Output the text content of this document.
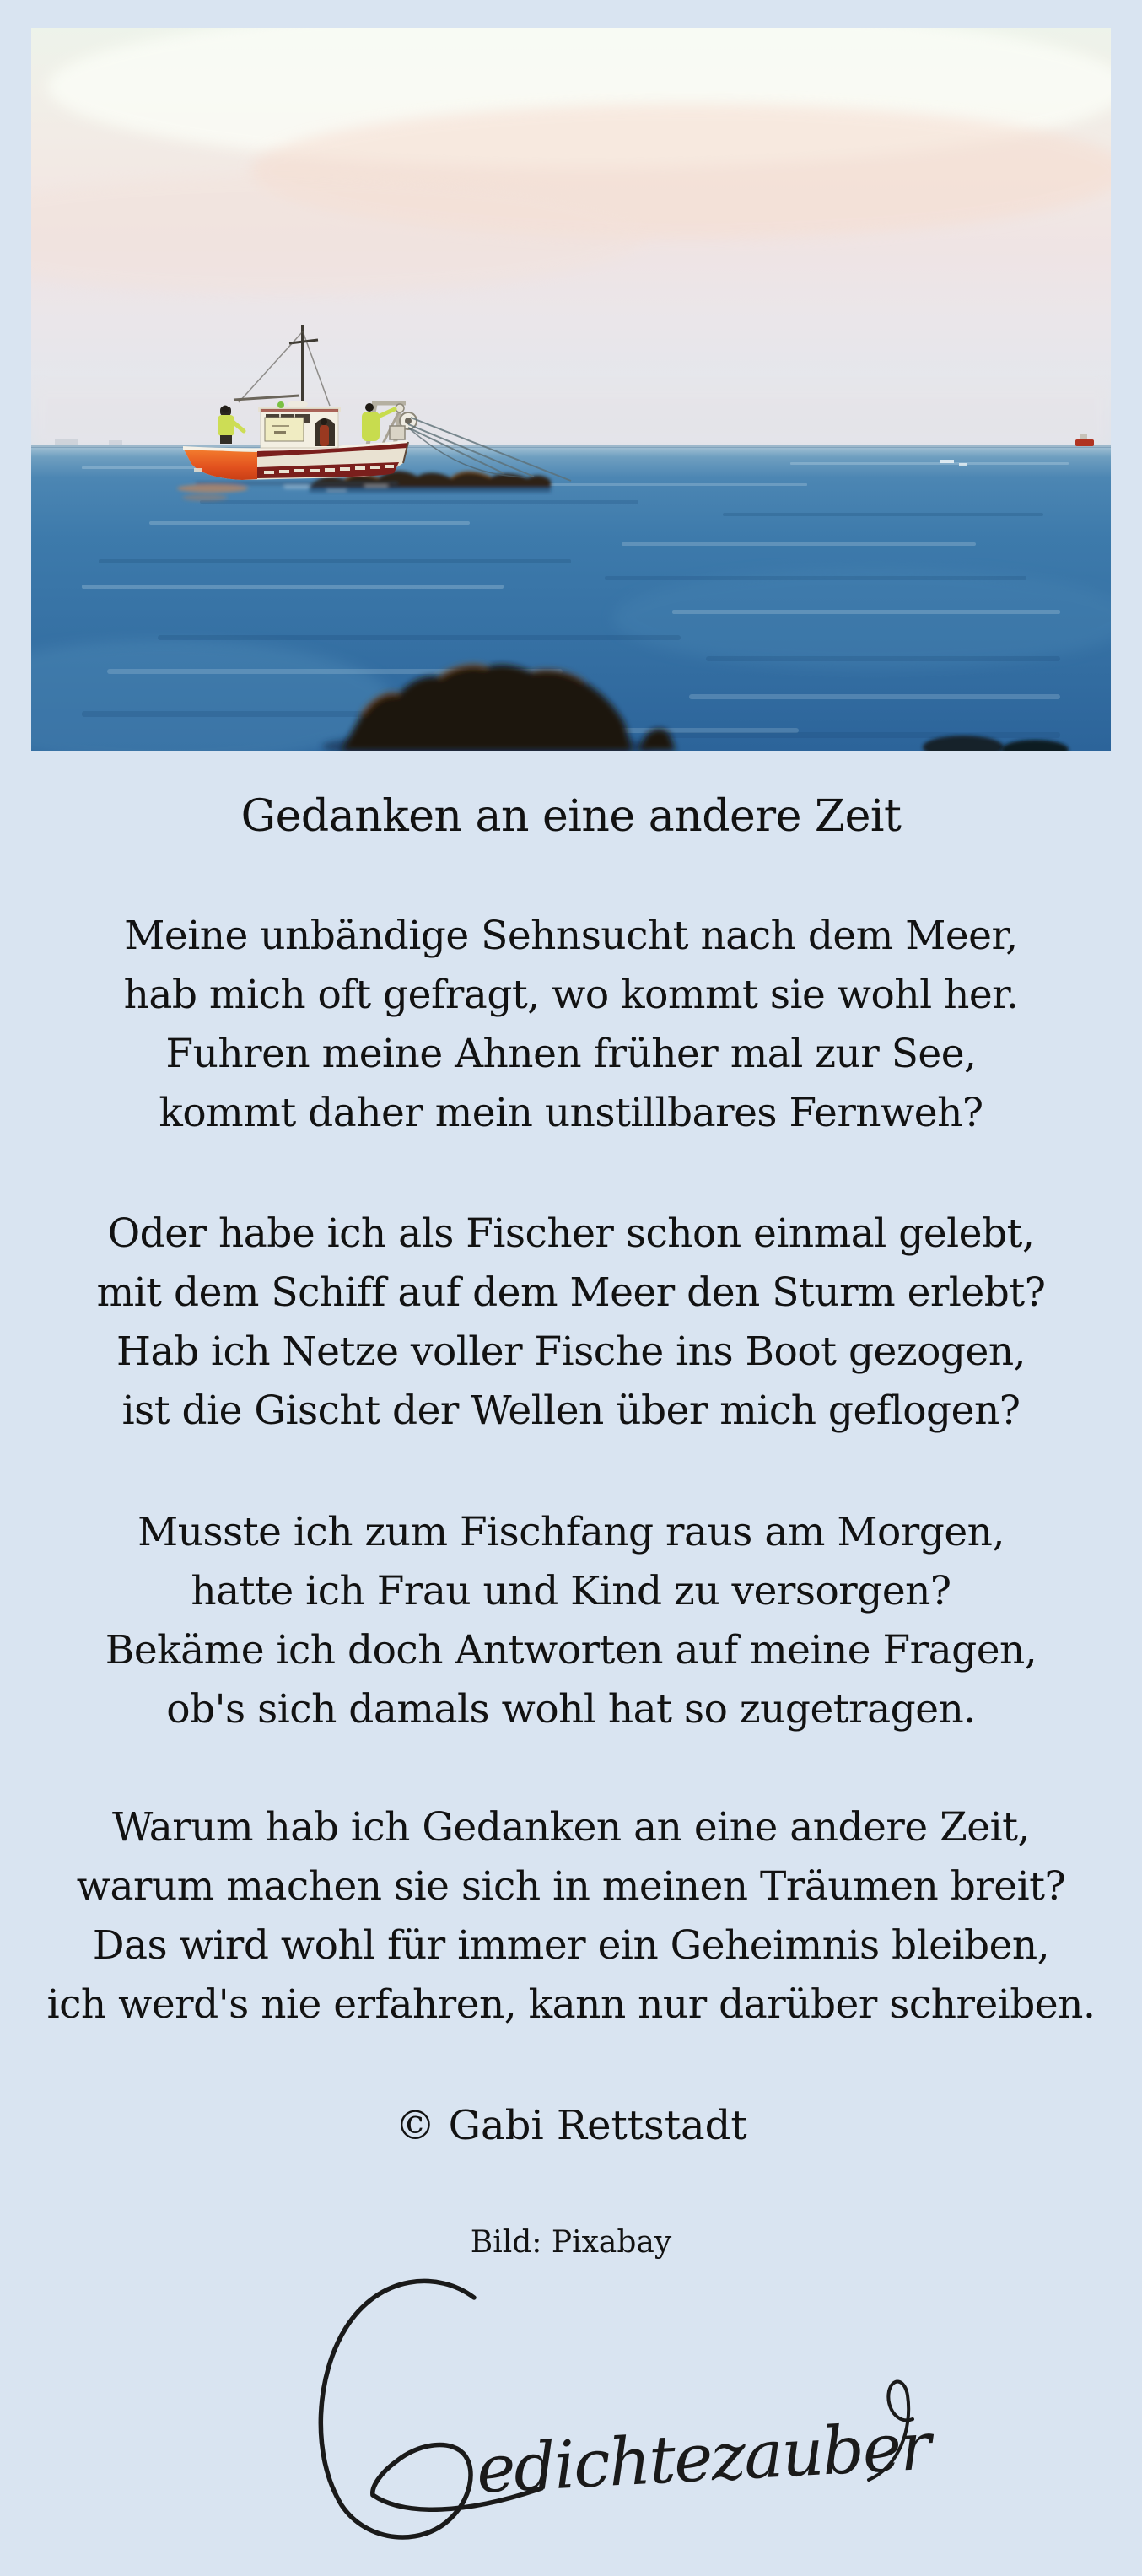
Gedanken an eine andere Zeit
Meine unbändige Sehnsucht nach dem Meer,
hab mich oft gefragt, wo kommt sie wohl her.
Fuhren meine Ahnen früher mal zur See,
kommt daher mein unstillbares Fernweh?
Oder habe ich als Fischer schon einmal gelebt,
mit dem Schiff auf dem Meer den Sturm erlebt?
Hab ich Netze voller Fische ins Boot gezogen,
ist die Gischt der Wellen über mich geflogen?
Musste ich zum Fischfang raus am Morgen,
hatte ich Frau und Kind zu versorgen?
Bekäme ich doch Antworten auf meine Fragen,
ob's sich damals wohl hat so zugetragen.
Warum hab ich Gedanken an eine andere Zeit,
warum machen sie sich in meinen Träumen breit?
Das wird wohl für immer ein Geheimnis bleiben,
ich werd's nie erfahren, kann nur darüber schreiben.
© Gabi Rettstadt
Bild: Pixabay
edichtezauber
